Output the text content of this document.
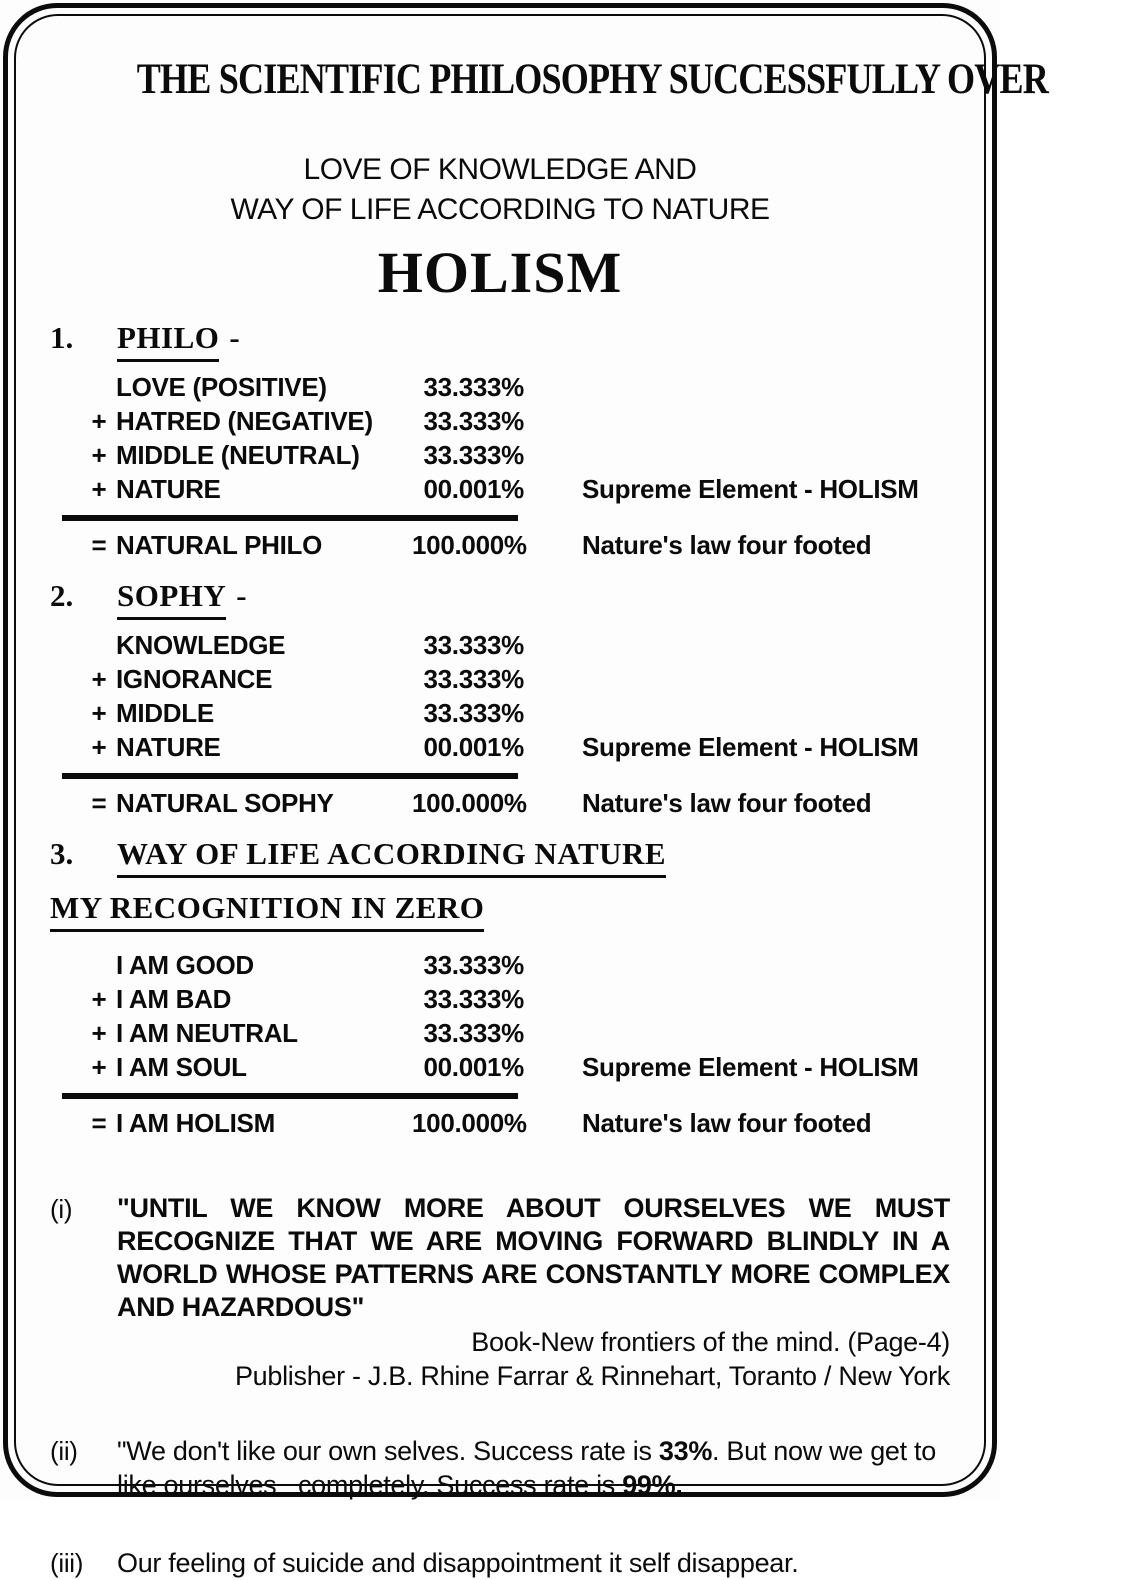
THE SCIENTIFIC PHILOSOPHY SUCCESSFULLY OVER
LOVE OF KNOWLEDGE AND
WAY OF LIFE ACCORDING TO NATURE
HOLISM
1.	PHILO -
LOVE (POSITIVE)	33.333%
+ HATRED (NEGATIVE)	33.333%
+ MIDDLE (NEUTRAL)	33.333%
+ NATURE	00.001% Supreme Element - HOLISM
= NATURAL PHILO	100.000% Nature's law four footed
2.	SOPHY -
KNOWLEDGE	33.333%
+ IGNORANCE	33.333%
+ MIDDLE	33.333%
+ NATURE	00.001% Supreme Element - HOLISM
= NATURAL SOPHY	100.000% Nature's law four footed
3.	WAY OF LIFE ACCORDING NATURE
MY RECOGNITION IN ZERO
I AM GOOD	33.333%
+ I AM BAD	33.333%
+ I AM NEUTRAL	33.333%
+ I AM SOUL	00.001% Supreme Element - HOLISM
= I AM HOLISM	100.000% Nature's law four footed
(i)	"UNTIL WE KNOW MORE ABOUT OURSELVES WE MUST RECOGNIZE THAT WE ARE MOVING FORWARD BLINDLY IN A WORLD WHOSE PATTERNS ARE CONSTANTLY MORE COMPLEX AND HAZARDOUS"
Book-New frontiers of the mind. (Page-4)
Publisher - J.B. Rhine Farrar & Rinnehart, Toranto / New York
(ii)	"We don't like our own selves. Success rate is 33%. But now we get to like ourselves   completely. Success rate is 99%.
(iii)	Our feeling of suicide and disappointment it self disappear.
